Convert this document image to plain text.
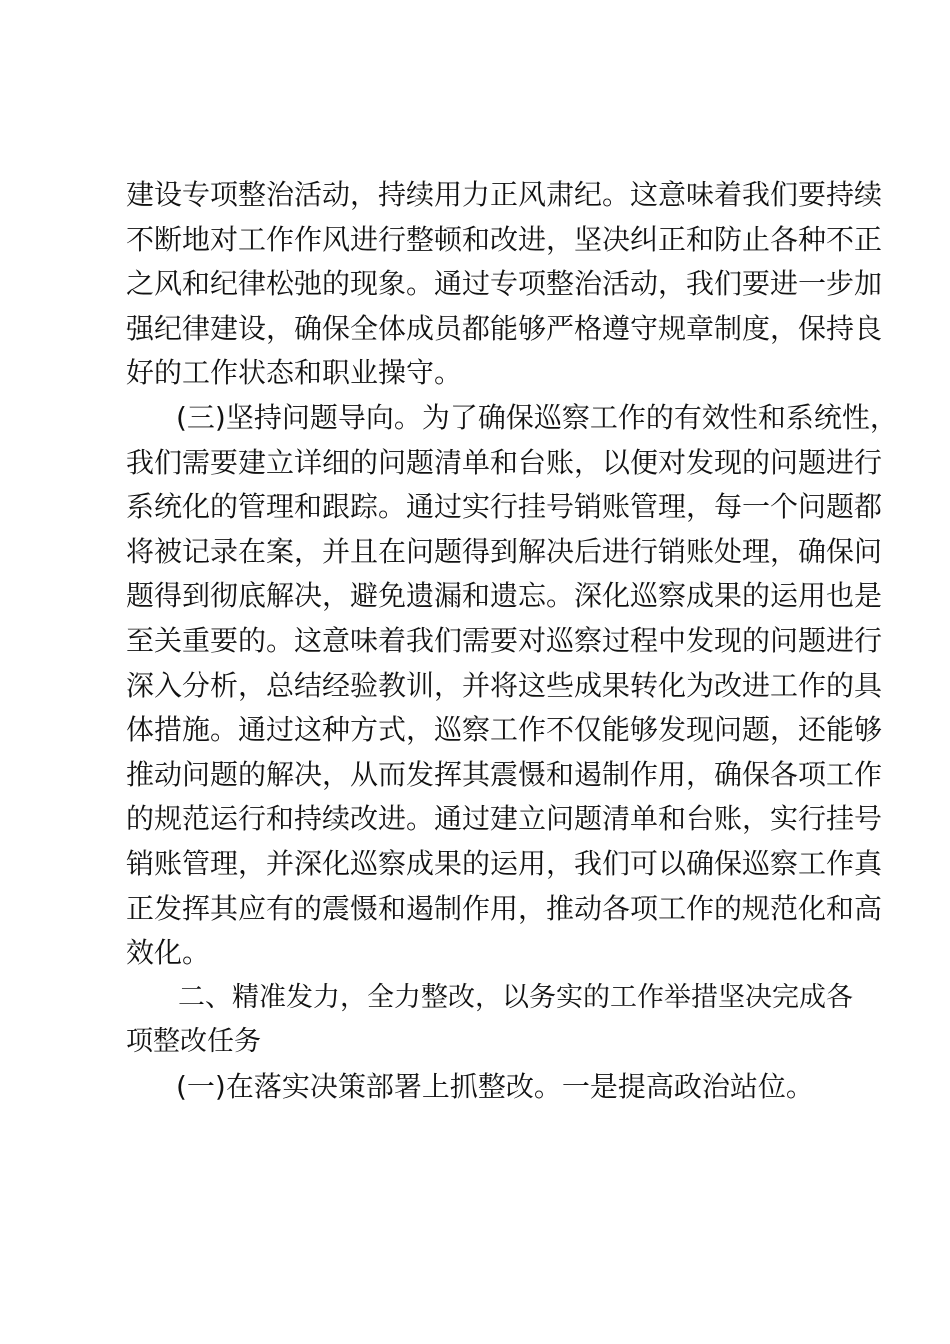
建设专项整治活动，持续用力正风肃纪。这意味着我们要持续
不断地对工作作风进行整顿和改进，坚决纠正和防止各种不正
之风和纪律松弛的现象。通过专项整治活动，我们要进一步加
强纪律建设，确保全体成员都能够严格遵守规章制度，保持良
好的工作状态和职业操守。
(三)坚持问题导向。为了确保巡察工作的有效性和系统性，
我们需要建立详细的问题清单和台账，以便对发现的问题进行
系统化的管理和跟踪。通过实行挂号销账管理，每一个问题都
将被记录在案，并且在问题得到解决后进行销账处理，确保问
题得到彻底解决，避免遗漏和遗忘。深化巡察成果的运用也是
至关重要的。这意味着我们需要对巡察过程中发现的问题进行
深入分析，总结经验教训，并将这些成果转化为改进工作的具
体措施。通过这种方式，巡察工作不仅能够发现问题，还能够
推动问题的解决，从而发挥其震慑和遏制作用，确保各项工作
的规范运行和持续改进。通过建立问题清单和台账，实行挂号
销账管理，并深化巡察成果的运用，我们可以确保巡察工作真
正发挥其应有的震慑和遏制作用，推动各项工作的规范化和高
效化。
二、精准发力，全力整改，以务实的工作举措坚决完成各
项整改任务
(一)在落实决策部署上抓整改。一是提高政治站位。
